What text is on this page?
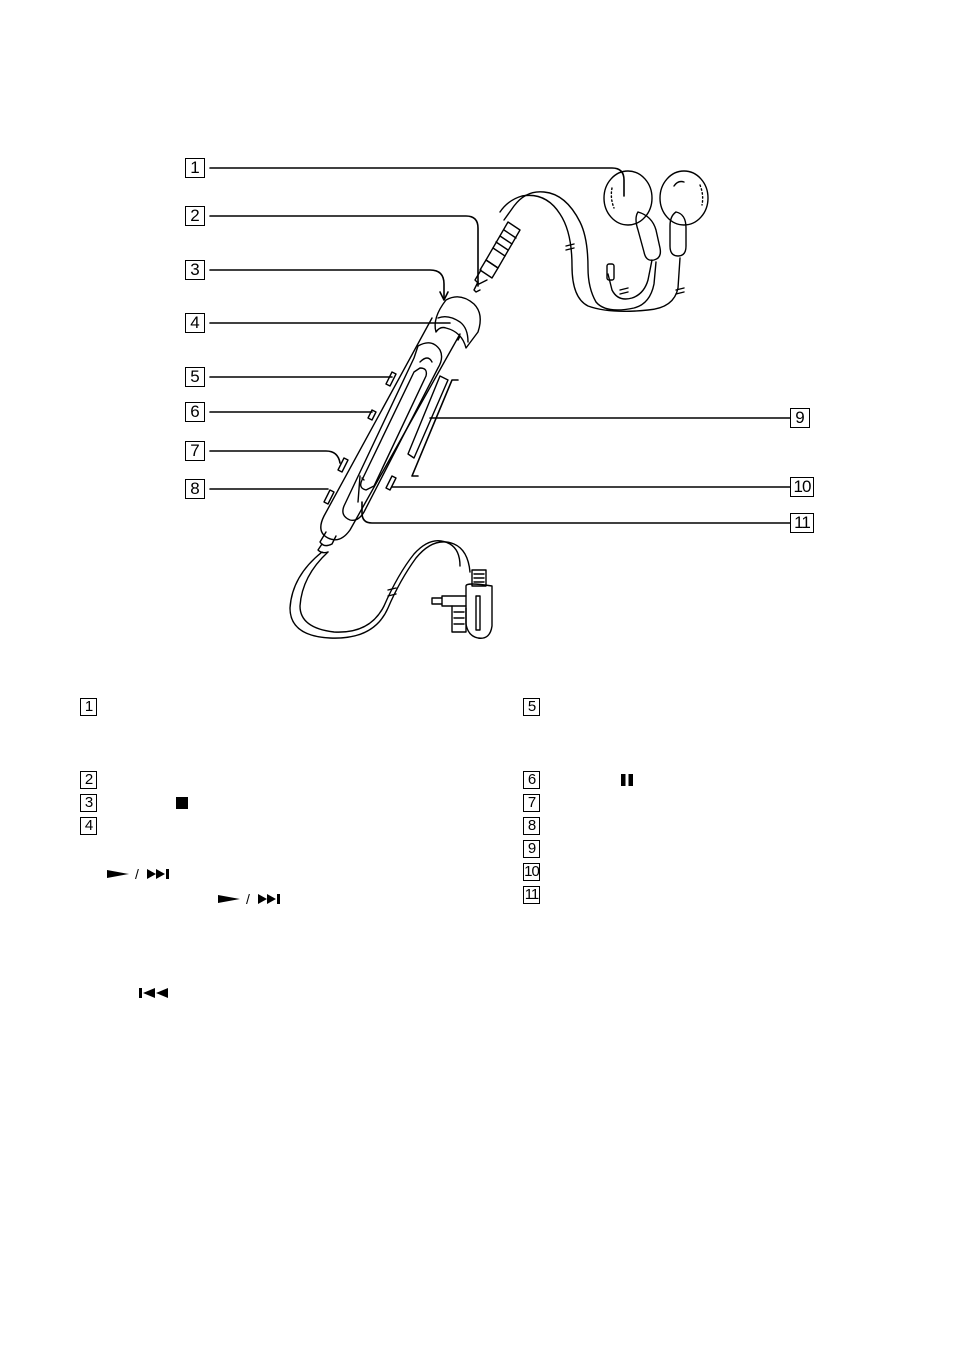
1
2
3
4
5
6
7
8
9
10
11
1
2
3
4
5
6
7
8
9
10
11
/
/
